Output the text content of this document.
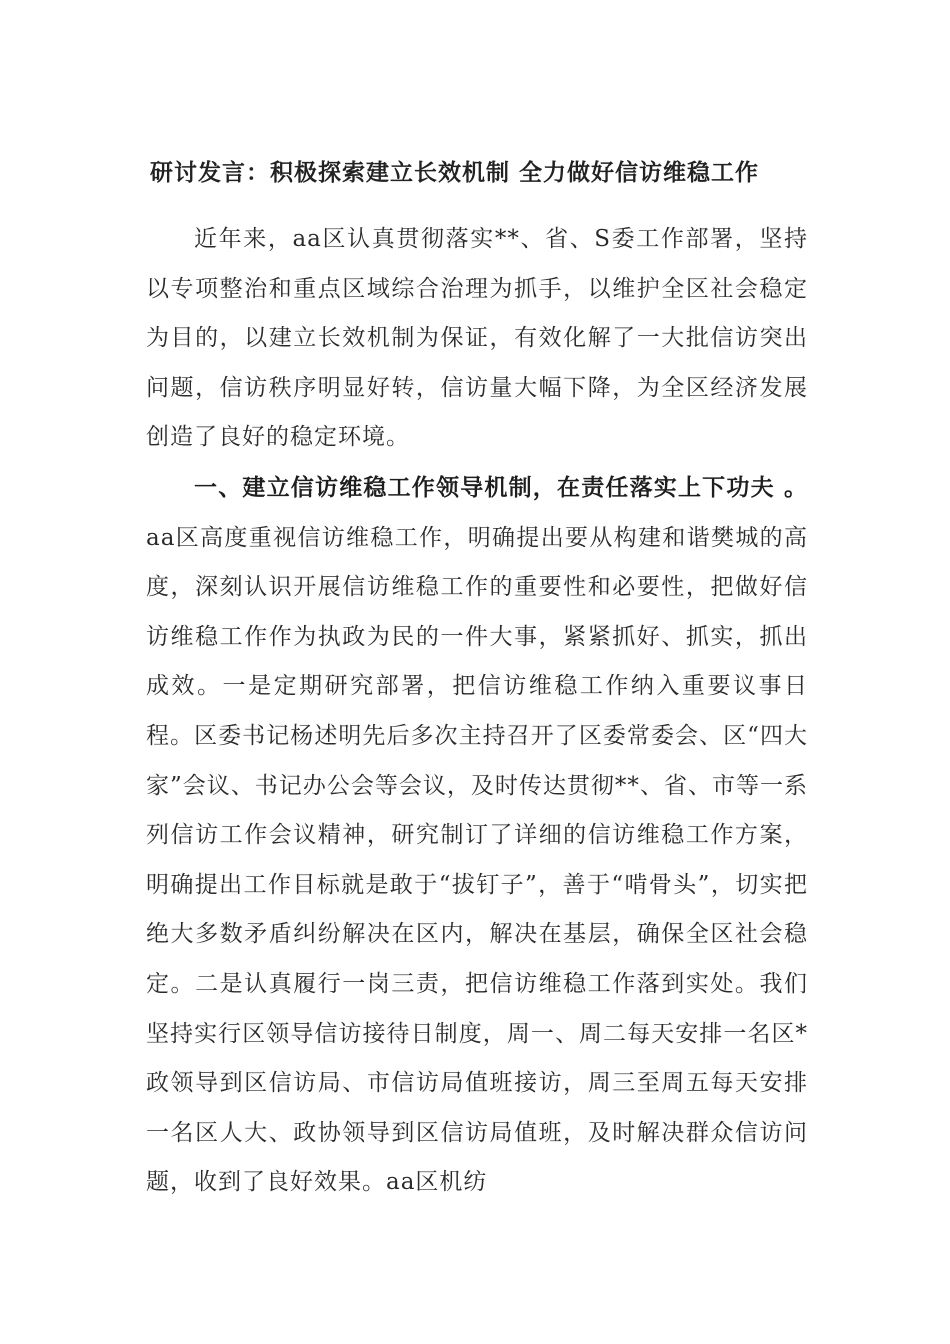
研讨发言：积极探索建立长效机制 全力做好信访维稳工作

近年来，aa区认真贯彻落实**、省、S委工作部署，坚持以专项整治和重点区域综合治理为抓手，以维护全区社会稳定为目的，以建立长效机制为保证，有效化解了一大批信访突出问题，信访秩序明显好转，信访量大幅下降，为全区经济发展创造了良好的稳定环境。

一、建立信访维稳工作领导机制，在责任落实上下功夫 。aa区高度重视信访维稳工作，明确提出要从构建和谐樊城的高度，深刻认识开展信访维稳工作的重要性和必要性，把做好信访维稳工作作为执政为民的一件大事，紧紧抓好、抓实，抓出成效。一是定期研究部署，把信访维稳工作纳入重要议事日程。区委书记杨述明先后多次主持召开了区委常委会、区“四大家”会议、书记办公会等会议，及时传达贯彻**、省、市等一系列信访工作会议精神，研究制订了详细的信访维稳工作方案，明确提出工作目标就是敢于“拔钉子”，善于“啃骨头”，切实把绝大多数矛盾纠纷解决在区内，解决在基层，确保全区社会稳定。二是认真履行一岗三责，把信访维稳工作落到实处。我们坚持实行区领导信访接待日制度，周一、周二每天安排一名区*政领导到区信访局、市信访局值班接访，周三至周五每天安排一名区人大、政协领导到区信访局值班，及时解决群众信访问题，收到了良好效果。aa区机纺
